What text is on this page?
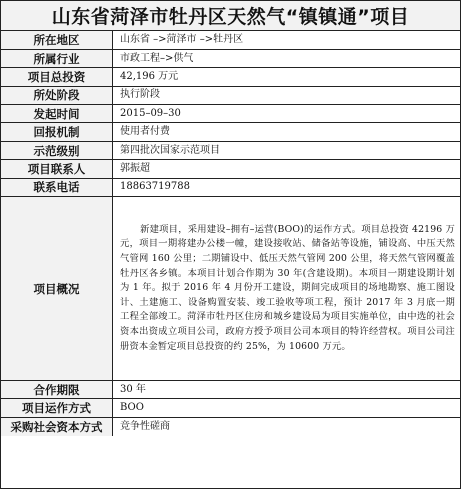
山东省菏泽市牡丹区天然气“镇镇通”项目
所在地区	山东省 –>菏泽市 –>牡丹区
所属行业	市政工程–>供气
项目总投资	42,196 万元
所处阶段	执行阶段
发起时间	2015–09–30
回报机制	使用者付费
示范级别	第四批次国家示范项目
项目联系人	郭振超
联系电话	18863719788
项目概况	新建项目，采用建设–拥有–运营(BOO)的运作方式。项目总投资 42196 万元，项目一期将建办公楼一幢，建设接收站、储备站等设施，铺设高、中压天然气管网 160 公里；二期铺设中、低压天然气管网 200 公里，将天然气管网覆盖牡丹区各乡镇。本项目计划合作期为 30 年(含建设期)。本项目一期建设期计划为 1 年。拟于 2016 年 4 月份开工建设，期间完成项目的场地勘察、施工图设计、土建施工、设备购置安装、竣工验收等项工程，预计 2017 年 3 月底一期工程全部竣工。菏泽市牡丹区住房和城乡建设局为项目实施单位，由中选的社会资本出资成立项目公司，政府方授予项目公司本项目的特许经营权。项目公司注册资本金暂定项目总投资的约 25%，为 10600 万元。
合作期限	30 年
项目运作方式	BOO
采购社会资本方式	竞争性磋商
